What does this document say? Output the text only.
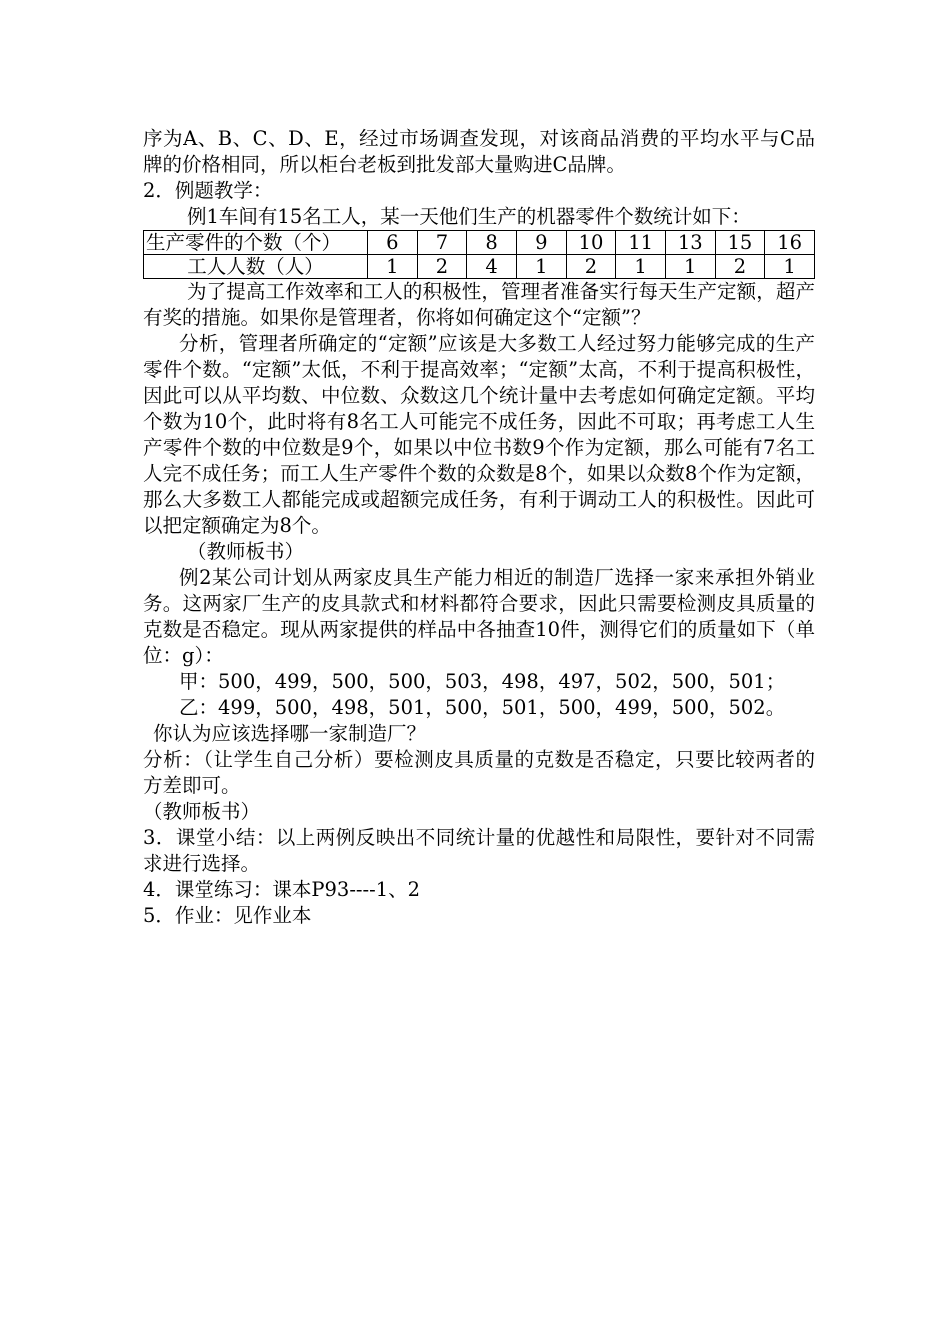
序为A、B、C、D、E，经过市场调查发现，对该商品消费的平均水平与C品牌的价格相同，所以柜台老板到批发部大量购进C品牌。

2．例题教学：

例1车间有15名工人，某一天他们生产的机器零件个数统计如下：

生产零件的个数（个）	6	7	8	9	10	11	13	15	16
工人人数（人）	1	2	4	1	2	1	1	2	1

为了提高工作效率和工人的积极性，管理者准备实行每天生产定额，超产有奖的措施。如果你是管理者，你将如何确定这个“定额”？

分析，管理者所确定的“定额”应该是大多数工人经过努力能够完成的生产零件个数。“定额”太低，不利于提高效率；“定额”太高，不利于提高积极性，因此可以从平均数、中位数、众数这几个统计量中去考虑如何确定定额。平均个数为10个，此时将有8名工人可能完不成任务，因此不可取；再考虑工人生产零件个数的中位数是9个，如果以中位书数9个作为定额，那么可能有7名工人完不成任务；而工人生产零件个数的众数是8个，如果以众数8个作为定额，那么大多数工人都能完成或超额完成任务，有利于调动工人的积极性。因此可以把定额确定为8个。

（教师板书）

例2某公司计划从两家皮具生产能力相近的制造厂选择一家来承担外销业务。这两家厂生产的皮具款式和材料都符合要求，因此只需要检测皮具质量的克数是否稳定。现从两家提供的样品中各抽查10件，测得它们的质量如下（单位：g）：

甲：500，499，500，500，503，498，497，502，500，501；

乙：499，500，498，501，500，501，500，499，500，502。

你认为应该选择哪一家制造厂？

分析：（让学生自己分析）要检测皮具质量的克数是否稳定，只要比较两者的方差即可。

（教师板书）

3．课堂小结：以上两例反映出不同统计量的优越性和局限性，要针对不同需求进行选择。

4．课堂练习：课本P93----1、2

5．作业：见作业本
